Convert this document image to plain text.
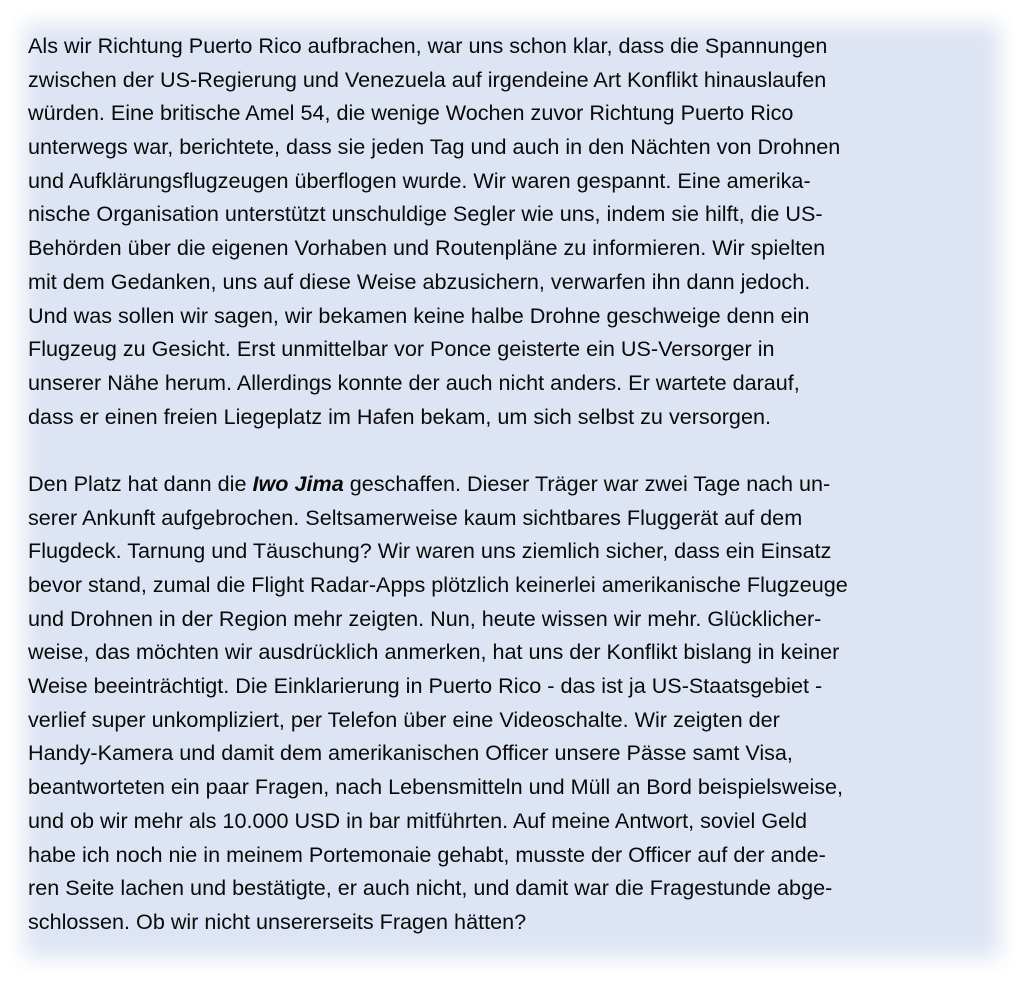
Als wir Richtung Puerto Rico aufbrachen, war uns schon klar, dass die Spannungen
zwischen der US-Regierung und Venezuela auf irgendeine Art Konflikt hinauslaufen
würden. Eine britische Amel 54, die wenige Wochen zuvor Richtung Puerto Rico
unterwegs war, berichtete, dass sie jeden Tag und auch in den Nächten von Drohnen
und Aufklärungsflugzeugen überflogen wurde. Wir waren gespannt. Eine amerika-
nische Organisation unterstützt unschuldige Segler wie uns, indem sie hilft, die US-
Behörden über die eigenen Vorhaben und Routenpläne zu informieren. Wir spielten
mit dem Gedanken, uns auf diese Weise abzusichern, verwarfen ihn dann jedoch.
Und was sollen wir sagen, wir bekamen keine halbe Drohne geschweige denn ein
Flugzeug zu Gesicht. Erst unmittelbar vor Ponce geisterte ein US-Versorger in
unserer Nähe herum. Allerdings konnte der auch nicht anders. Er wartete darauf,
dass er einen freien Liegeplatz im Hafen bekam, um sich selbst zu versorgen.
Den Platz hat dann die Iwo Jima geschaffen. Dieser Träger war zwei Tage nach un-
serer Ankunft aufgebrochen. Seltsamerweise kaum sichtbares Fluggerät auf dem
Flugdeck. Tarnung und Täuschung? Wir waren uns ziemlich sicher, dass ein Einsatz
bevor stand, zumal die Flight Radar-Apps plötzlich keinerlei amerikanische Flugzeuge
und Drohnen in der Region mehr zeigten. Nun, heute wissen wir mehr. Glücklicher-
weise, das möchten wir ausdrücklich anmerken, hat uns der Konflikt bislang in keiner
Weise beeinträchtigt. Die Einklarierung in Puerto Rico - das ist ja US-Staatsgebiet -
verlief super unkompliziert, per Telefon über eine Videoschalte. Wir zeigten der
Handy-Kamera und damit dem amerikanischen Officer unsere Pässe samt Visa,
beantworteten ein paar Fragen, nach Lebensmitteln und Müll an Bord beispielsweise,
und ob wir mehr als 10.000 USD in bar mitführten. Auf meine Antwort, soviel Geld
habe ich noch nie in meinem Portemonaie gehabt, musste der Officer auf der ande-
ren Seite lachen und bestätigte, er auch nicht, und damit war die Fragestunde abge-
schlossen. Ob wir nicht unsererseits Fragen hätten?
